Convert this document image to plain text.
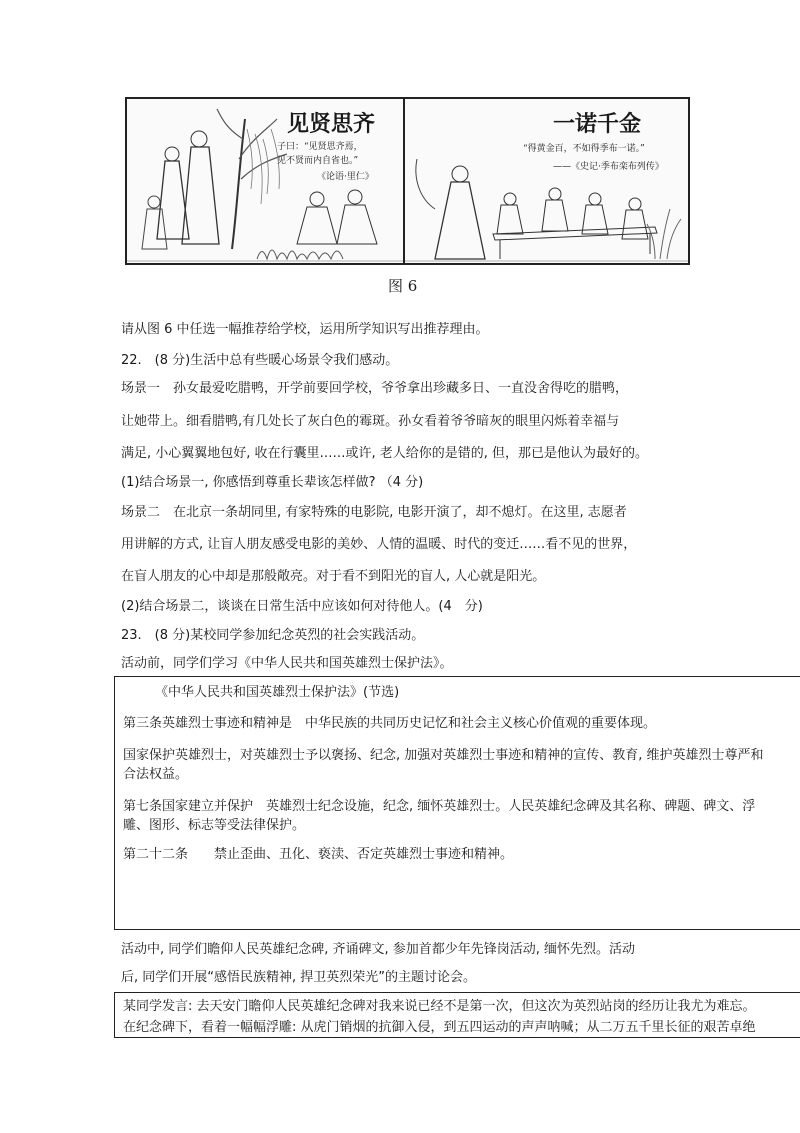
见贤思齐
子曰：“见贤思齐焉，
见不贤而内自省也。”
《论语·里仁》
一诺千金
“得黄金百，不如得季布一诺。”
——《史记·季布栾布列传》
图 6
请从图 6 中任选一幅推荐给学校，运用所学知识写出推荐理由。
22.　(8 分)生活中总有些暖心场景令我们感动。
场景一　孙女最爱吃腊鸭，开学前要回学校，爷爷拿出珍藏多日、一直没舍得吃的腊鸭，
让她带上。细看腊鸭,有几处长了灰白色的霉斑。孙女看着爷爷暗灰的眼里闪烁着幸福与
满足, 小心翼翼地包好, 收在行囊里……或许, 老人给你的是错的, 但，那已是他认为最好的。
(1)结合场景一, 你感悟到尊重长辈该怎样做? （4 分)
场景二　在北京一条胡同里, 有家特殊的电影院, 电影开演了，却不熄灯。在这里, 志愿者
用讲解的方式, 让盲人朋友感受电影的美妙、人情的温暖、时代的变迁……看不见的世界，
在盲人朋友的心中却是那般敞亮。对于看不到阳光的盲人, 人心就是阳光。
(2)结合场景二，谈谈在日常生活中应该如何对待他人。(4　分)
23.　(8 分)某校同学参加纪念英烈的社会实践活动。
活动前，同学们学习《中华人民共和国英雄烈士保护法》。
《中华人民共和国英雄烈士保护法》(节选)
第三条英雄烈士事迹和精神是　中华民族的共同历史记忆和社会主义核心价值观的重要体现。
国家保护英雄烈士，对英雄烈士予以褒扬、纪念, 加强对英雄烈士事迹和精神的宣传、教育, 维护英雄烈士尊严和
合法权益。
第七条国家建立并保护　英雄烈士纪念设施，纪念, 缅怀英雄烈士。人民英雄纪念碑及其名称、碑题、碑文、浮
雕、图形、标志等受法律保护。
第二十二条　　禁止歪曲、丑化、亵渎、否定英雄烈士事迹和精神。
活动中, 同学们瞻仰人民英雄纪念碑, 齐诵碑文, 参加首都少年先锋岗活动, 缅怀先烈。活动
后, 同学们开展“感悟民族精神, 捍卫英烈荣光”的主题讨论会。
某同学发言: 去天安门瞻仰人民英雄纪念碑对我来说已经不是第一次，但这次为英烈站岗的经历让我尤为难忘。
在纪念碑下，看着一幅幅浮雕: 从虎门销烟的抗御入侵，到五四运动的声声呐喊；从二万五千里长征的艰苦卓绝
